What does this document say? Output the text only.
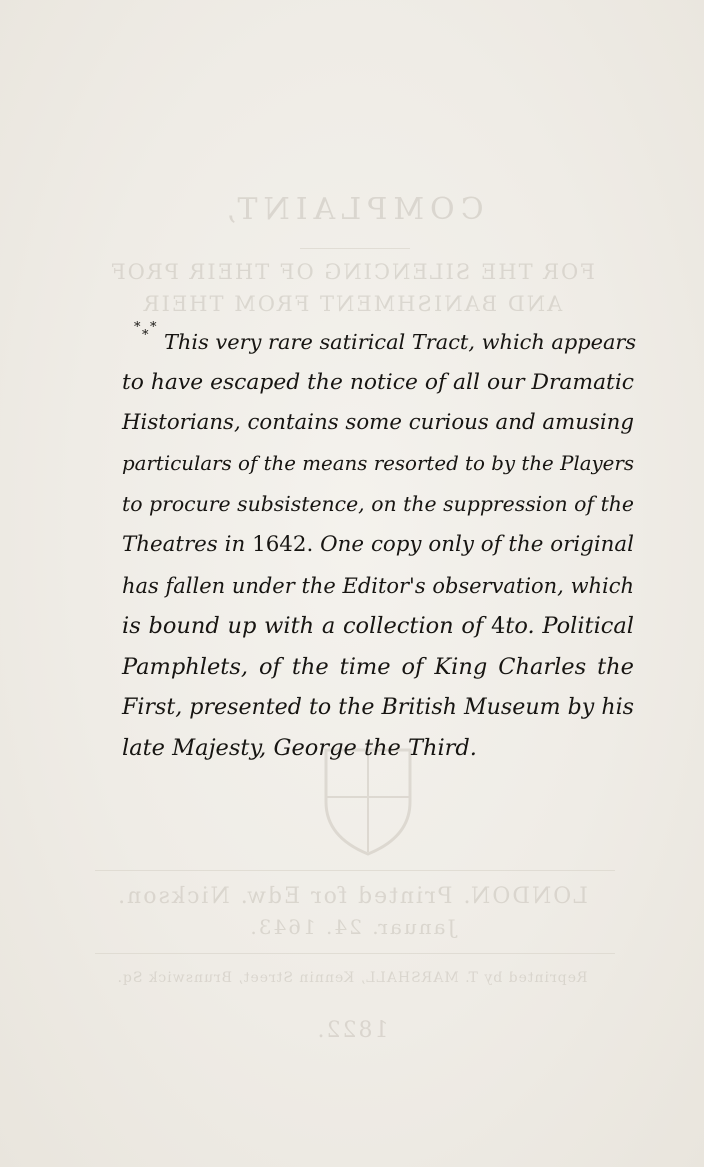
COMPLAINT,
FOR THE SILENCING OF THEIR PROF
AND BANISHMENT FROM THEIR
LONDON. Printed for Edw. Nickson.
Januar. 24. 1643.
Reprinted by T. MARSHALL, Kennin Street, Brunswick Sq.
1822.
*
*
*
This very rare satirical Tract, which appears
to have escaped the notice of all our Dramatic
Historians, contains some curious and amusing
particulars of the means resorted to by the Players
to procure subsistence, on the suppression of the
Theatres in 1642. One copy only of the original
has fallen under the Editor's observation, which
is bound up with a collection of 4to. Political
Pamphlets, of the time of King Charles the
First, presented to the British Museum by his
late Majesty, George the Third.
